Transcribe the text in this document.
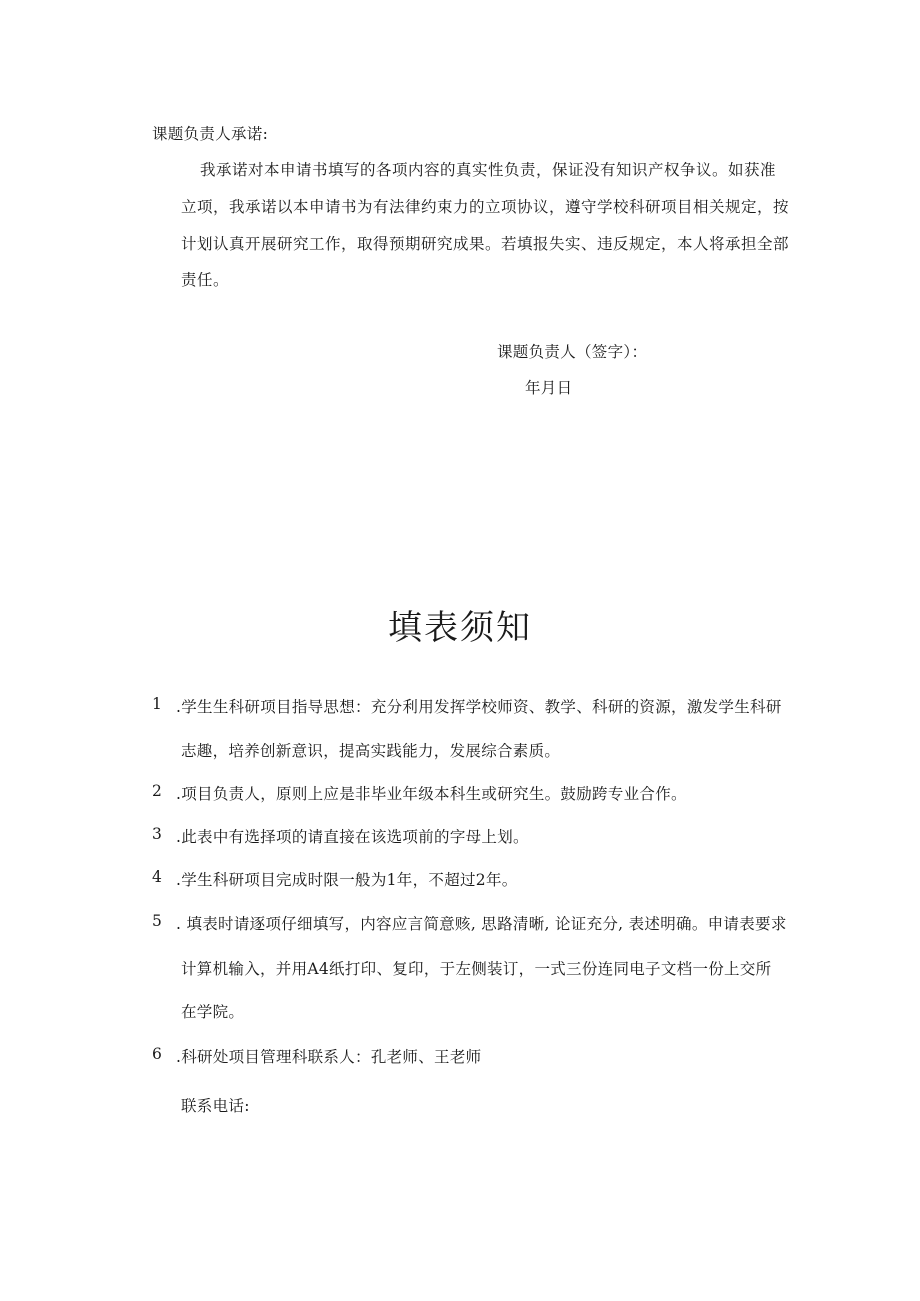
课题负责人承诺:
我承诺对本申请书填写的各项内容的真实性负责，保证没有知识产权争议。如获准
立项，我承诺以本申请书为有法律约束力的立项协议，遵守学校科研项目相关规定，按
计划认真开展研究工作，取得预期研究成果。若填报失实、违反规定，本人将承担全部
责任。
课题负责人（签字）：
年月日
填表须知
1 .学生生科研项目指导思想：充分利用发挥学校师资、教学、科研的资源，激发学生科研
志趣，培养创新意识，提高实践能力，发展综合素质。
2 .项目负责人，原则上应是非毕业年级本科生或研究生。鼓励跨专业合作。
3 .此表中有选择项的请直接在该选项前的字母上划。
4 .学生科研项目完成时限一般为1年，不超过2年。
5 . 填表时请逐项仔细填写，内容应言简意赅, 思路清晰, 论证充分, 表述明确。申请表要求
计算机输入，并用A4纸打印、复印，于左侧装订，一式三份连同电子文档一份上交所
在学院。
6 .科研处项目管理科联系人：孔老师、王老师
联系电话:
